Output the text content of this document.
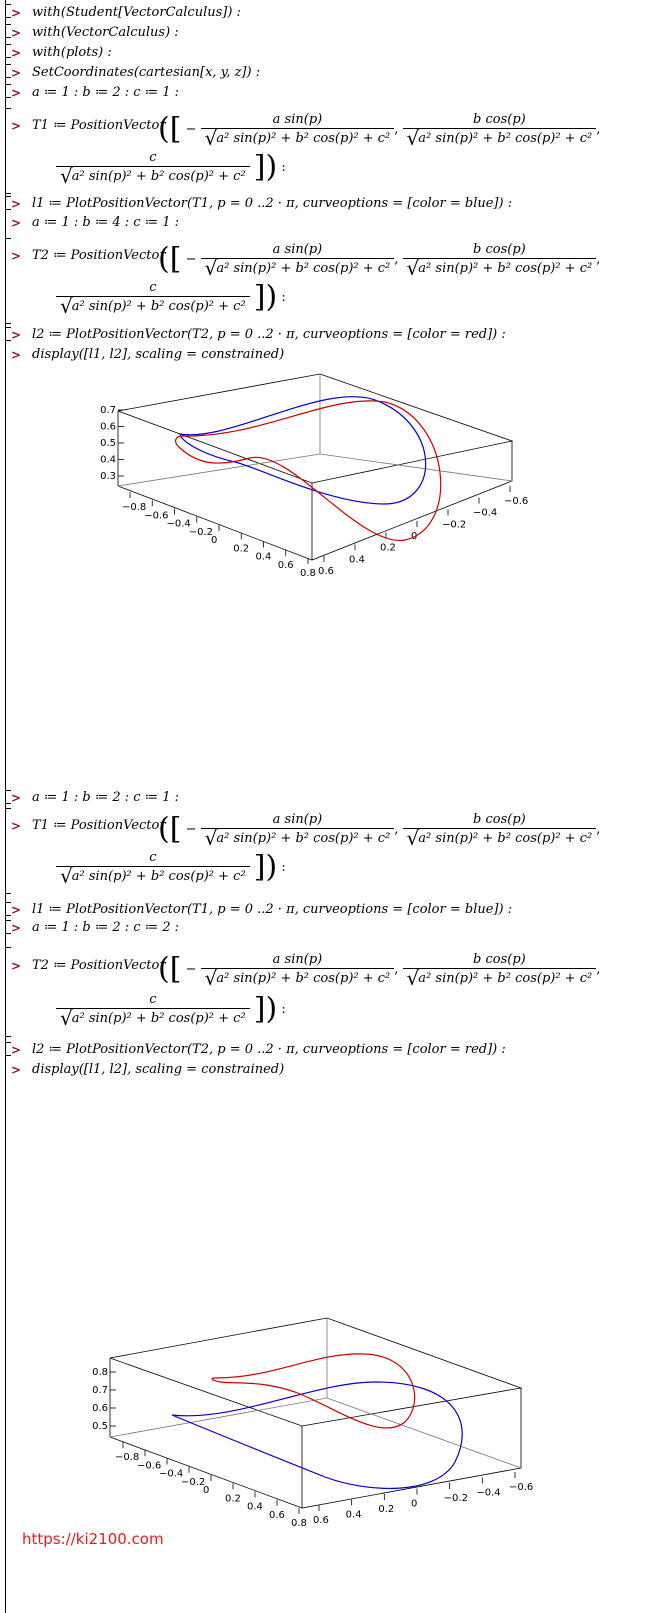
> with(Student[VectorCalculus]) :
> with(VectorCalculus) :
> with(plots) :
> SetCoordinates(cartesian[x, y, z]) :
> a ≔ 1 : b ≔ 2 : c ≔ 1 :
> T1 ≔ PositionVector
([ − $\frac{\text{a sin(p)}}{\text{√a² sin(p)² + b² cos(p)² + c²}}$ , $\frac{\text{b cos(p)}}{\text{√a² sin(p)² + b² cos(p)² + c²}}$ ,
$\frac{c}{\text{√a² sin(p)² + b² cos(p)² + c²}}$ ]) :
> l1 ≔ PlotPositionVector(T1, p = 0 ..2 · π, curveoptions = [color = blue]) :
> a ≔ 1 : b ≔ 4 : c ≔ 1 :
> T2 ≔ PositionVector
([ − $\frac{\text{a sin(p)}}{\text{√a² sin(p)² + b² cos(p)² + c²}}$ , $\frac{\text{b cos(p)}}{\text{√a² sin(p)² + b² cos(p)² + c²}}$ ,
$\frac{c}{\text{√a² sin(p)² + b² cos(p)² + c²}}$ ]) :
> l2 ≔ PlotPositionVector(T2, p = 0 ..2 · π, curveoptions = [color = red]) :
> display([l1, l2], scaling = constrained)
0.7
0.6
0.5
0.4
0.3
−0.8
−0.6
−0.4
−0.2
0
0.2
0.4
0.6
0.8 0.6
0.4
0.2
0
−0.2
−0.4
−0.6
> a ≔ 1 : b ≔ 2 : c ≔ 1 :
> T1 ≔ PositionVector
([ − $\frac{\text{a sin(p)}}{\text{√a² sin(p)² + b² cos(p)² + c²}}$ , $\frac{\text{b cos(p)}}{\text{√a² sin(p)² + b² cos(p)² + c²}}$ ,
$\frac{c}{\text{√a² sin(p)² + b² cos(p)² + c²}}$ ]) :
> l1 ≔ PlotPositionVector(T1, p = 0 ..2 · π, curveoptions = [color = blue]) :
> a ≔ 1 : b ≔ 2 : c ≔ 2 :
> T2 ≔ PositionVector
([ − $\frac{\text{a sin(p)}}{\text{√a² sin(p)² + b² cos(p)² + c²}}$ , $\frac{\text{b cos(p)}}{\text{√a² sin(p)² + b² cos(p)² + c²}}$ ,
$\frac{c}{\text{√a² sin(p)² + b² cos(p)² + c²}}$ ]) :
> l2 ≔ PlotPositionVector(T2, p = 0 ..2 · π, curveoptions = [color = red]) :
> display([l1, l2], scaling = constrained)
0.8
0.7
0.6
0.5
−0.8
−0.6
−0.4
−0.2
0
0.2
0.4
0.6
0.8 0.6 0.4 0.2 0	−0.2 −0.4 −0.6
https://ki2100.com
